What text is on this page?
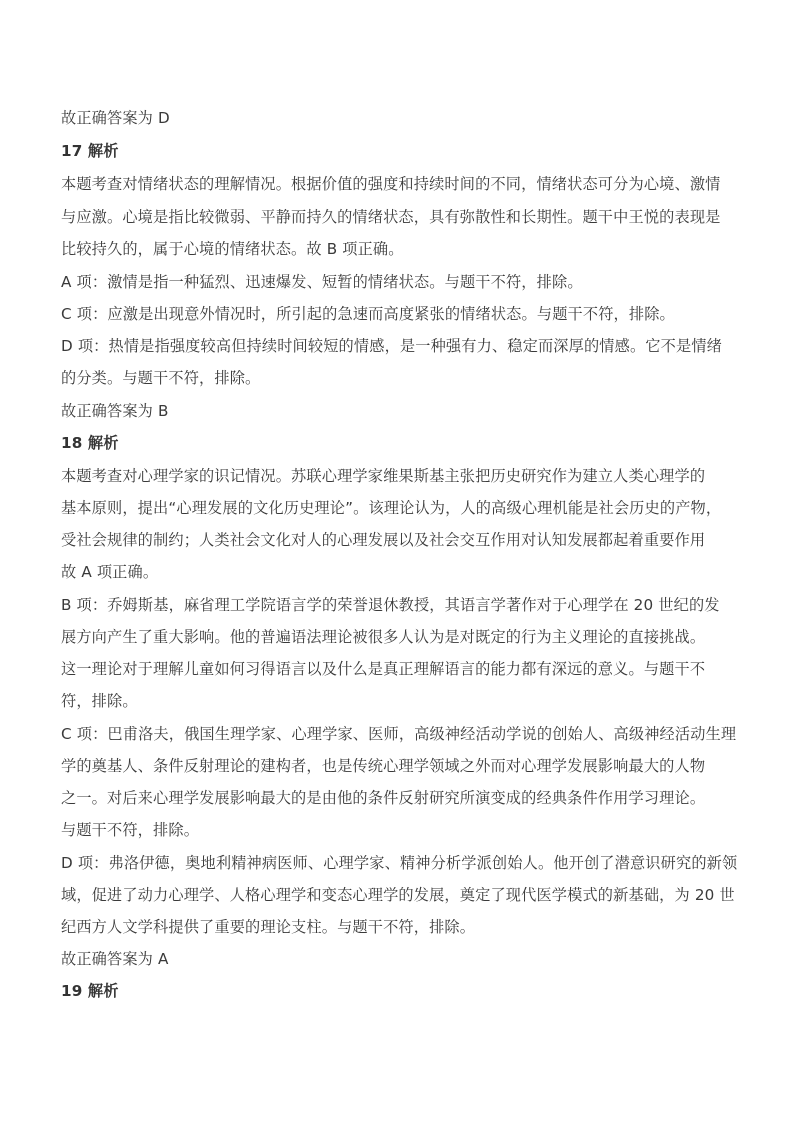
故正确答案为 D
17 解析
本题考查对情绪状态的理解情况。根据价值的强度和持续时间的不同，情绪状态可分为心境、激情
与应激。心境是指比较微弱、平静而持久的情绪状态，具有弥散性和长期性。题干中王悦的表现是
比较持久的，属于心境的情绪状态。故 B 项正确。
A 项：激情是指一种猛烈、迅速爆发、短暂的情绪状态。与题干不符，排除。
C 项：应激是出现意外情况时，所引起的急速而高度紧张的情绪状态。与题干不符，排除。
D 项：热情是指强度较高但持续时间较短的情感，是一种强有力、稳定而深厚的情感。它不是情绪
的分类。与题干不符，排除。
故正确答案为 B
18 解析
本题考查对心理学家的识记情况。苏联心理学家维果斯基主张把历史研究作为建立人类心理学的
基本原则，提出“心理发展的文化历史理论”。该理论认为，人的高级心理机能是社会历史的产物，
受社会规律的制约；人类社会文化对人的心理发展以及社会交互作用对认知发展都起着重要作用
故 A 项正确。
B 项：乔姆斯基，麻省理工学院语言学的荣誉退休教授，其语言学著作对于心理学在 20 世纪的发
展方向产生了重大影响。他的普遍语法理论被很多人认为是对既定的行为主义理论的直接挑战。
这一理论对于理解儿童如何习得语言以及什么是真正理解语言的能力都有深远的意义。与题干不
符，排除。
C 项：巴甫洛夫，俄国生理学家、心理学家、医师，高级神经活动学说的创始人、高级神经活动生理
学的奠基人、条件反射理论的建构者，也是传统心理学领域之外而对心理学发展影响最大的人物
之一。对后来心理学发展影响最大的是由他的条件反射研究所演变成的经典条件作用学习理论。
与题干不符，排除。
D 项：弗洛伊德，奥地利精神病医师、心理学家、精神分析学派创始人。他开创了潜意识研究的新领
域，促进了动力心理学、人格心理学和变态心理学的发展，奠定了现代医学模式的新基础，为 20 世
纪西方人文学科提供了重要的理论支柱。与题干不符，排除。
故正确答案为 A
19 解析
